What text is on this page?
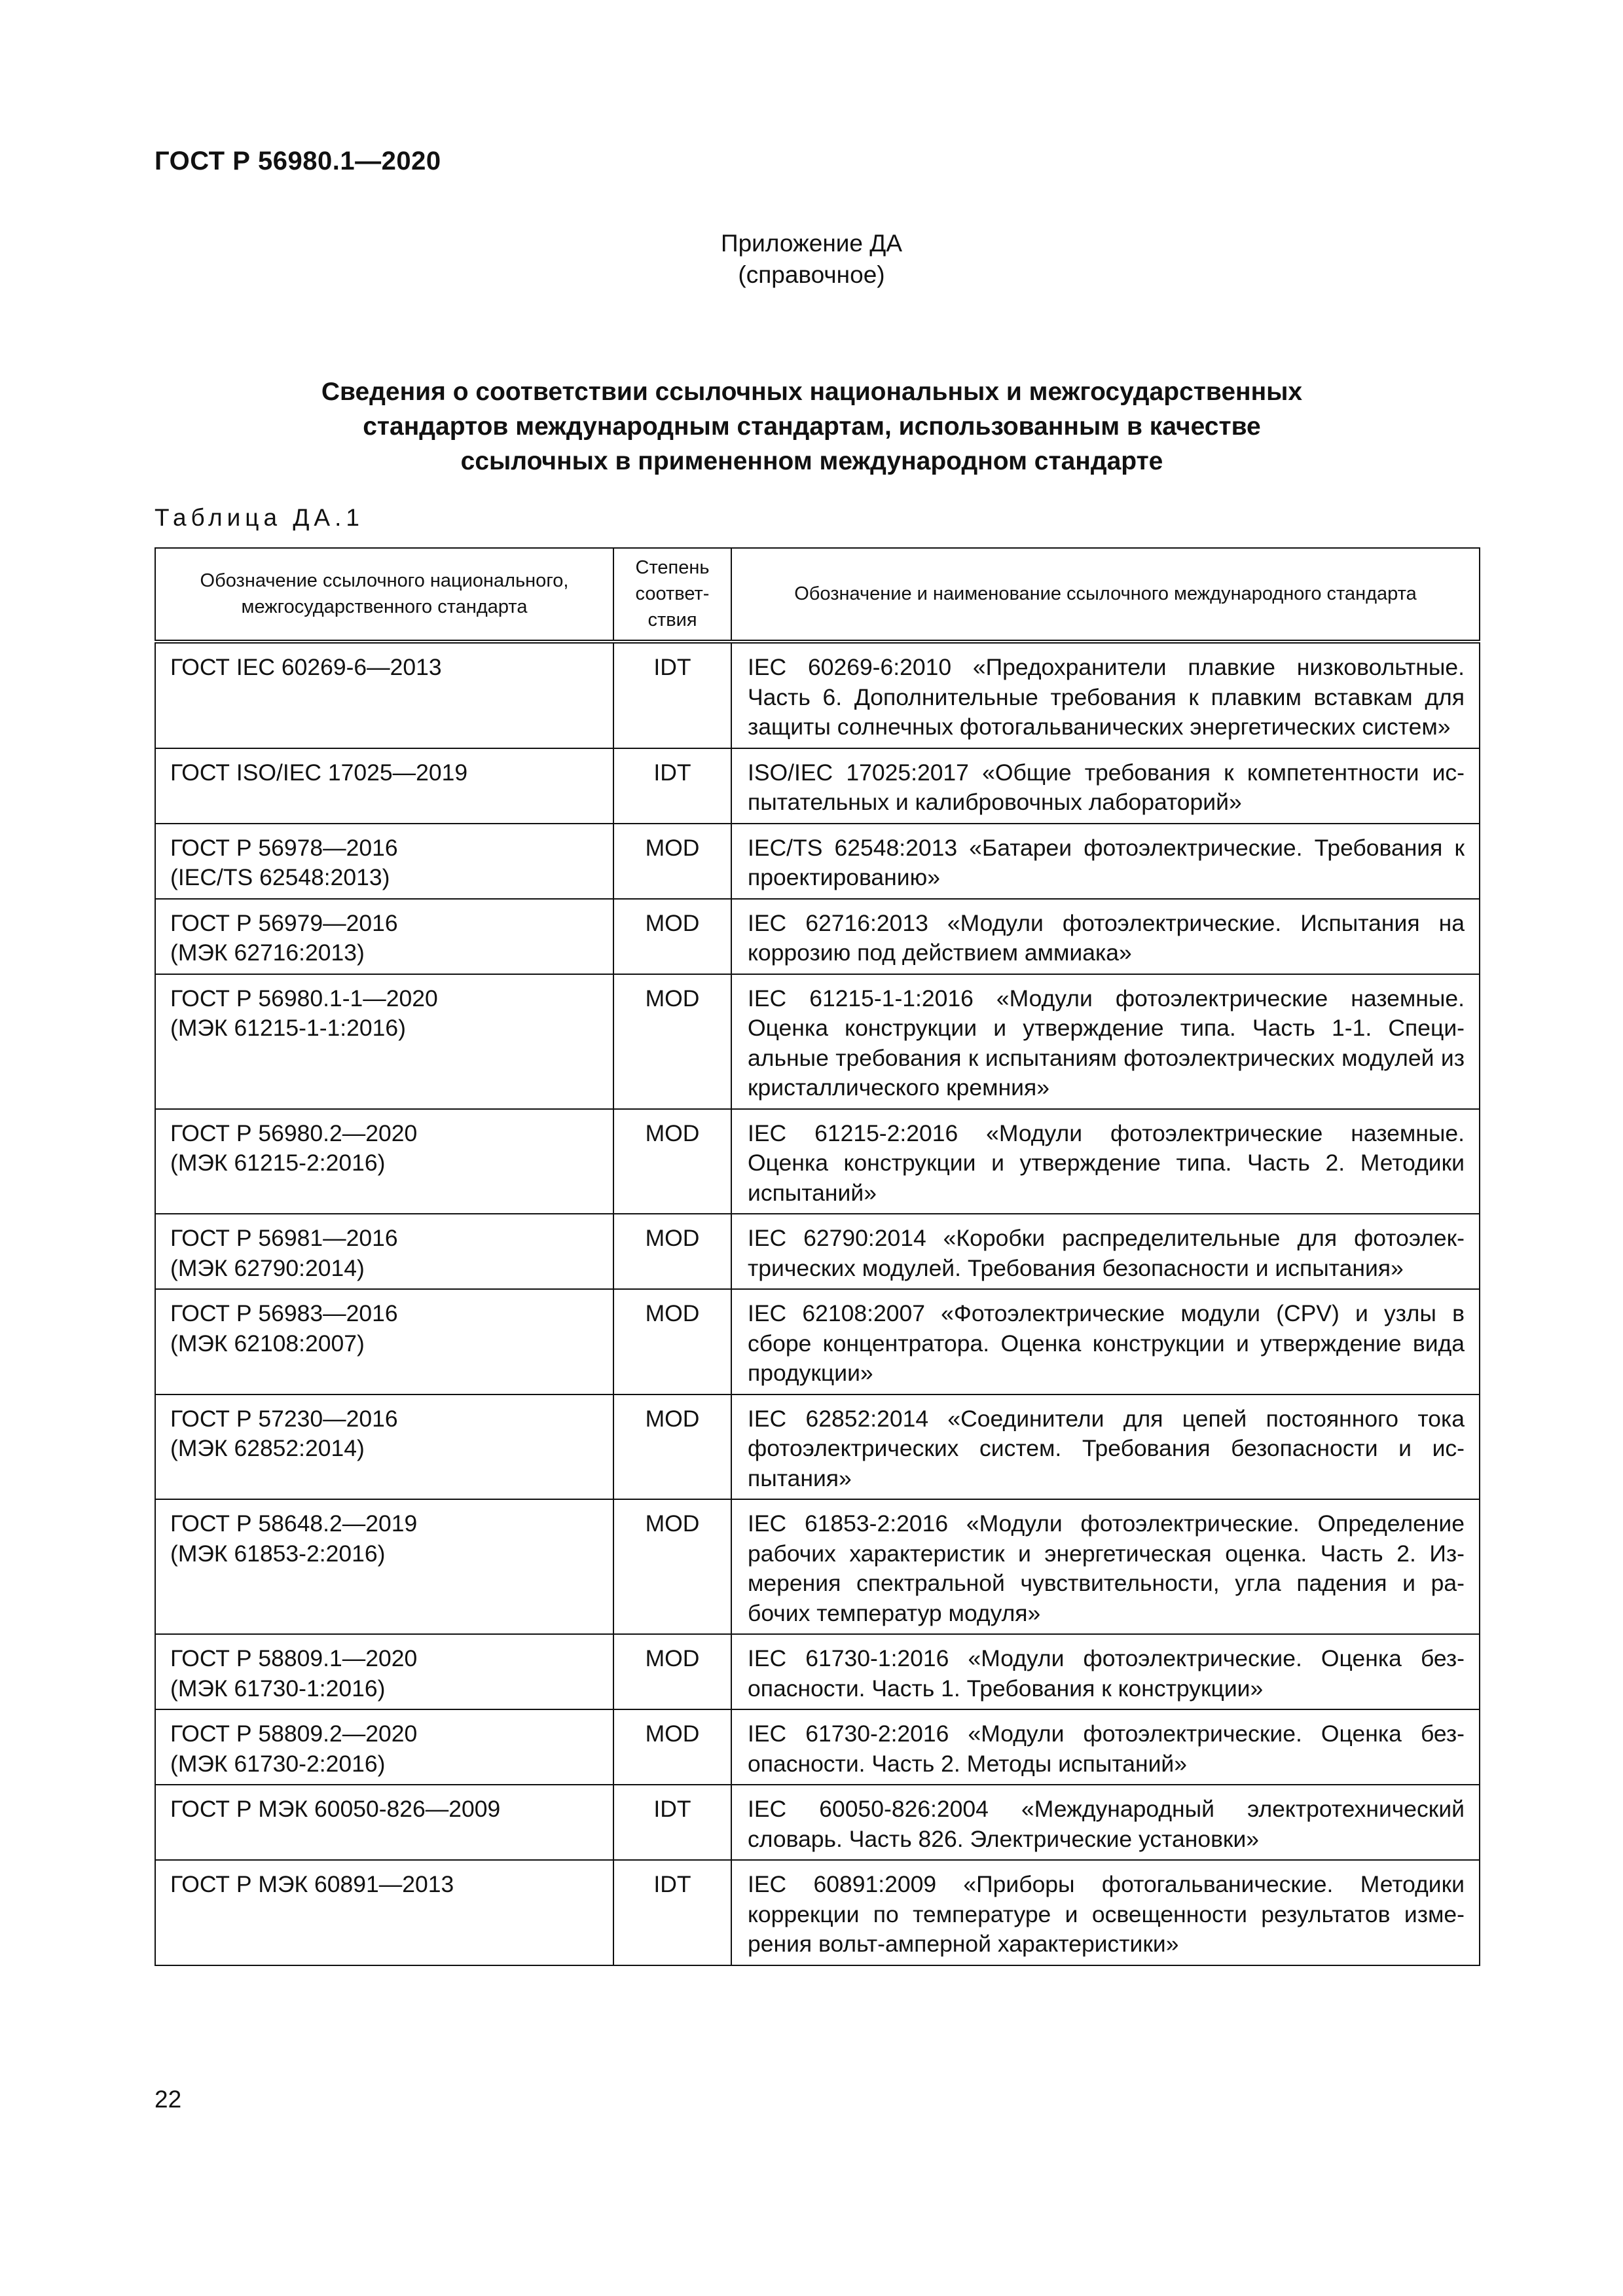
ГОСТ Р 56980.1—2020
Приложение ДА
(справочное)
Сведения о соответствии ссылочных национальных и межгосударственных
стандартов международным стандартам, использованным в качестве
ссылочных в примененном международном стандарте
Таблица ДА.1
Обозначение ссылочного национального, межгосударственного стандарта	Степень соответствия	Обозначение и наименование ссылочного международного стандарта

ГОСТ IEC 60269-6—2013	IDT	IEC 60269-6:2010 «Предохранители плавкие низковольтные. Часть 6. Дополнительные требования к плавким вставкам для защиты солнечных фотогальванических энергетических систем»

ГОСТ ISO/IEC 17025—2019	IDT	ISO/IEC 17025:2017 «Общие требования к компетентности испытательных и калибровочных лабораторий»

ГОСТ Р 56978—2016
(IEC/TS 62548:2013)	MOD	IEC/TS 62548:2013 «Батареи фотоэлектрические. Требования к проектированию»

ГОСТ Р 56979—2016
(МЭК 62716:2013)	MOD	IEC 62716:2013 «Модули фотоэлектрические. Испытания на коррозию под действием аммиака»

ГОСТ Р 56980.1-1—2020
(МЭК 61215-1-1:2016)	MOD	IEC 61215-1-1:2016 «Модули фотоэлектрические наземные. Оценка конструкции и утверждение типа. Часть 1-1. Специальные требования к испытаниям фотоэлектрических модулей из кристаллического кремния»

ГОСТ Р 56980.2—2020
(МЭК 61215-2:2016)	MOD	IEC 61215-2:2016 «Модули фотоэлектрические наземные. Оценка конструкции и утверждение типа. Часть 2. Методики испытаний»

ГОСТ Р 56981—2016
(МЭК 62790:2014)	MOD	IEC 62790:2014 «Коробки распределительные для фотоэлектрических модулей. Требования безопасности и испытания»

ГОСТ Р 56983—2016
(МЭК 62108:2007)	MOD	IEC 62108:2007 «Фотоэлектрические модули (CPV) и узлы в сборе концентратора. Оценка конструкции и утверждение вида продукции»

ГОСТ Р 57230—2016
(МЭК 62852:2014)	MOD	IEC 62852:2014 «Соединители для цепей постоянного тока фотоэлектрических систем. Требования безопасности и испытания»

ГОСТ Р 58648.2—2019
(МЭК 61853-2:2016)	MOD	IEC 61853-2:2016 «Модули фотоэлектрические. Определение рабочих характеристик и энергетическая оценка. Часть 2. Измерения спектральной чувствительности, угла падения и рабочих температур модуля»

ГОСТ Р 58809.1—2020
(МЭК 61730-1:2016)	MOD	IEC 61730-1:2016 «Модули фотоэлектрические. Оценка безопасности. Часть 1. Требования к конструкции»

ГОСТ Р 58809.2—2020
(МЭК 61730-2:2016)	MOD	IEC 61730-2:2016 «Модули фотоэлектрические. Оценка безопасности. Часть 2. Методы испытаний»

ГОСТ Р МЭК 60050-826—2009	IDT	IEC 60050-826:2004 «Международный электротехнический словарь. Часть 826. Электрические установки»

ГОСТ Р МЭК 60891—2013	IDT	IEC 60891:2009 «Приборы фотогальванические. Методики коррекции по температуре и освещенности результатов измерения вольт-амперной характеристики»
22
